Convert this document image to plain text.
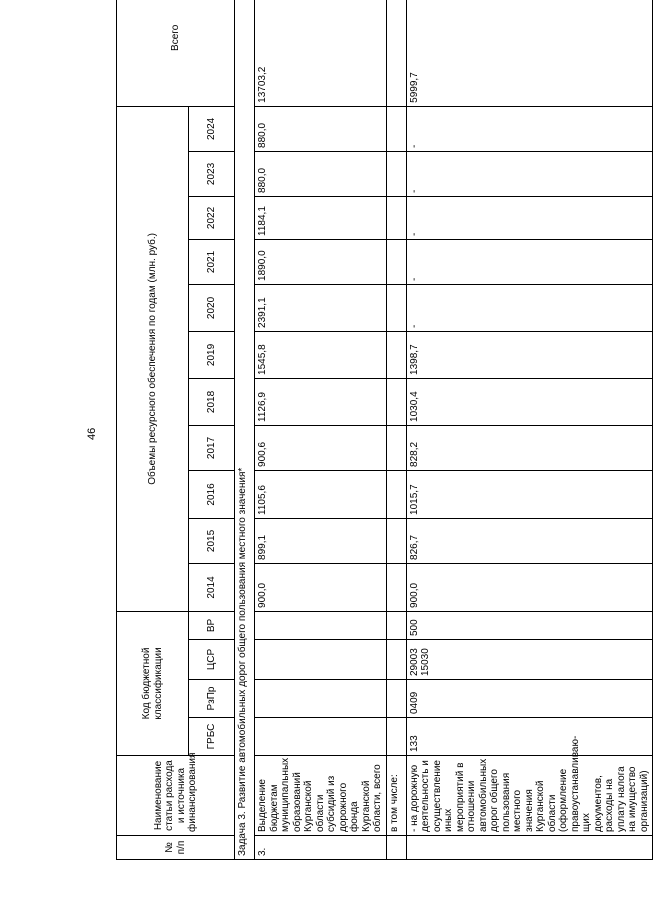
46
№ п/п	Наименование статьи расхода и источника финансирования	Код бюджетной классификации				Объемы ресурсного обеспечения по годам (млн. руб.)											Всего
		ГРБС	РзПр	ЦСР	ВР	2014	2015	2016	2017	2018	2019	2020	2021	2022	2023	2024	
Задача 3. Развитие автомобильных дорог общего пользования местного значения*																	
3.	Выделение бюджетам муниципальных образований Курганской области субсидий из дорожного фонда Курганской области, всего					900,0	899,1	1105,6	900,6	1126,9	1545,8	2391,1	1890,0	1184,1	880,0	880,0	13703,2
	в том числе:																
	- на дорожную деятельность и осуществление иных мероприятий в отношении автомобильных дорог общего пользования местного значения Курганской области (оформление правоустанавливаю-щих документов, расходы на уплату налога на имущество организаций)	133	0409	29003 15030	500	900,0	826,7	1015,7	828,2	1030,4	1398,7	-	-	-	-	-	5999,7
